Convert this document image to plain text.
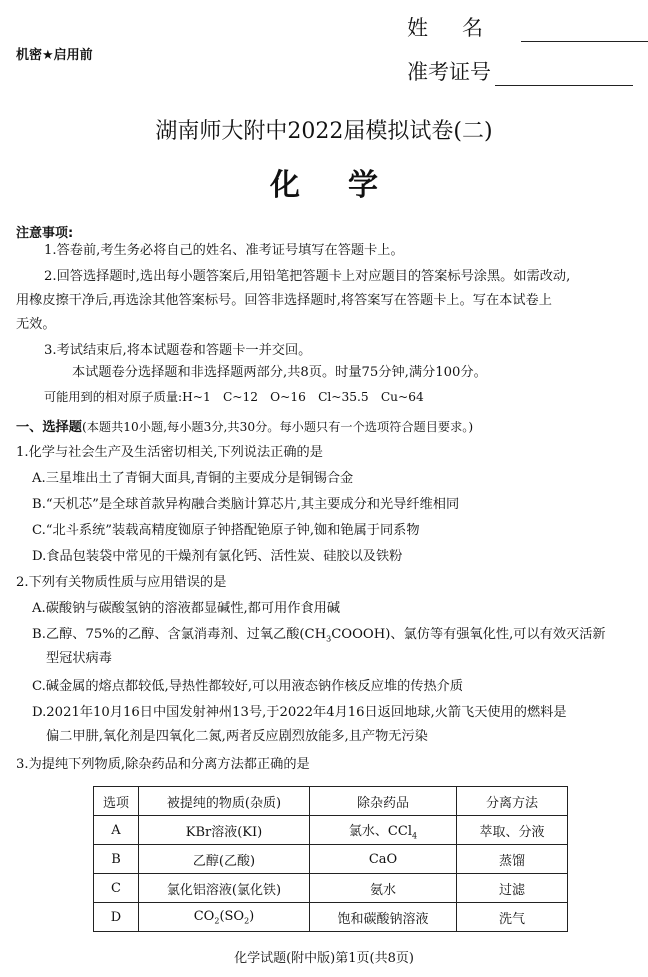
机密★启用前
姓名
准考证号
湖南师大附中2022届模拟试卷(二)
化学
注意事项:
1.答卷前,考生务必将自己的姓名、准考证号填写在答题卡上。
2.回答选择题时,选出每小题答案后,用铅笔把答题卡上对应题目的答案标号涂黑。如需改动,
用橡皮擦干净后,再选涂其他答案标号。回答非选择题时,将答案写在答题卡上。写在本试卷上
无效。
3.考试结束后,将本试题卷和答题卡一并交回。
本试题卷分选择题和非选择题两部分,共8页。时量75分钟,满分100分。
可能用到的相对原子质量:H~1　C~12　O~16　Cl~35.5　Cu~64
一、选择题(本题共10小题,每小题3分,共30分。每小题只有一个选项符合题目要求。)
1.化学与社会生产及生活密切相关,下列说法正确的是
A.三星堆出土了青铜大面具,青铜的主要成分是铜锡合金
B.“天机芯”是全球首款异构融合类脑计算芯片,其主要成分和光导纤维相同
C.“北斗系统”装载高精度铷原子钟搭配铯原子钟,铷和铯属于同系物
D.食品包装袋中常见的干燥剂有氯化钙、活性炭、硅胶以及铁粉
2.下列有关物质性质与应用错误的是
A.碳酸钠与碳酸氢钠的溶液都显碱性,都可用作食用碱
B.乙醇、75%的乙醇、含氯消毒剂、过氧乙酸$(CH_3COOOH)$、氯仿等有强氧化性,可以有效灭活新
型冠状病毒
C.碱金属的熔点都较低,导热性都较好,可以用液态钠作核反应堆的传热介质
D.2021年10月16日中国发射神州13号,于2022年4月16日返回地球,火箭飞天使用的燃料是
偏二甲肼,氧化剂是四氧化二氮,两者反应剧烈放能多,且产物无污染
3.为提纯下列物质,除杂药品和分离方法都正确的是
选项	被提纯的物质(杂质)	除杂药品	分离方法
A	KBr溶液(KI)	氯水、CCl$_4$	萃取、分液
B	乙醇(乙酸)	CaO	蒸馏
C	氯化铝溶液(氯化铁)	氨水	过滤
D	$CO_2(SO_2)$	饱和碳酸钠溶液	洗气
化学试题(附中版)第1页(共8页)
